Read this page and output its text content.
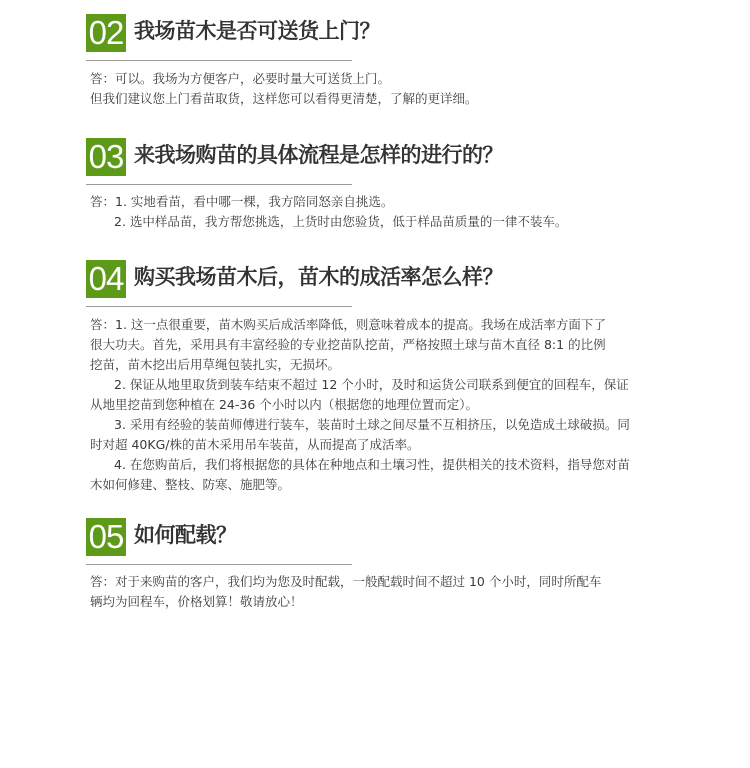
02 我场苗木是否可送货上门？

答：可以。我场为方便客户，必要时量大可送货上门。

但我们建议您上门看苗取货，这样您可以看得更清楚，了解的更详细。

03 来我场购苗的具体流程是怎样的进行的？

答：1. 实地看苗，看中哪一棵，我方陪同怒亲自挑选。

2. 选中样品苗，我方帮您挑选，上货时由您验货，低于样品苗质量的一律不装车。

04 购买我场苗木后，苗木的成活率怎么样？

答：1. 这一点很重要，苗木购买后成活率降低，则意味着成本的提高。我场在成活率方面下了

很大功夫。首先，采用具有丰富经验的专业挖苗队挖苗，严格按照土球与苗木直径 8:1 的比例

挖苗，苗木挖出后用草绳包装扎实，无损坏。

2. 保证从地里取货到装车结束不超过 12 个小时，及时和运货公司联系到便宜的回程车，保证

从地里挖苗到您种植在 24-36 个小时以内（根据您的地理位置而定）。

3. 采用有经验的装苗师傅进行装车，装苗时土球之间尽量不互相挤压，以免造成土球破损。同

时对超 40KG/株的苗木采用吊车装苗，从而提高了成活率。

4. 在您购苗后，我们将根据您的具体在种地点和土壤习性，提供相关的技术资料，指导您对苗

木如何修建、整枝、防寒、施肥等。

05 如何配载？

答：对于来购苗的客户，我们均为您及时配载，一般配载时间不超过 10 个小时，同时所配车

辆均为回程车，价格划算！敬请放心！
